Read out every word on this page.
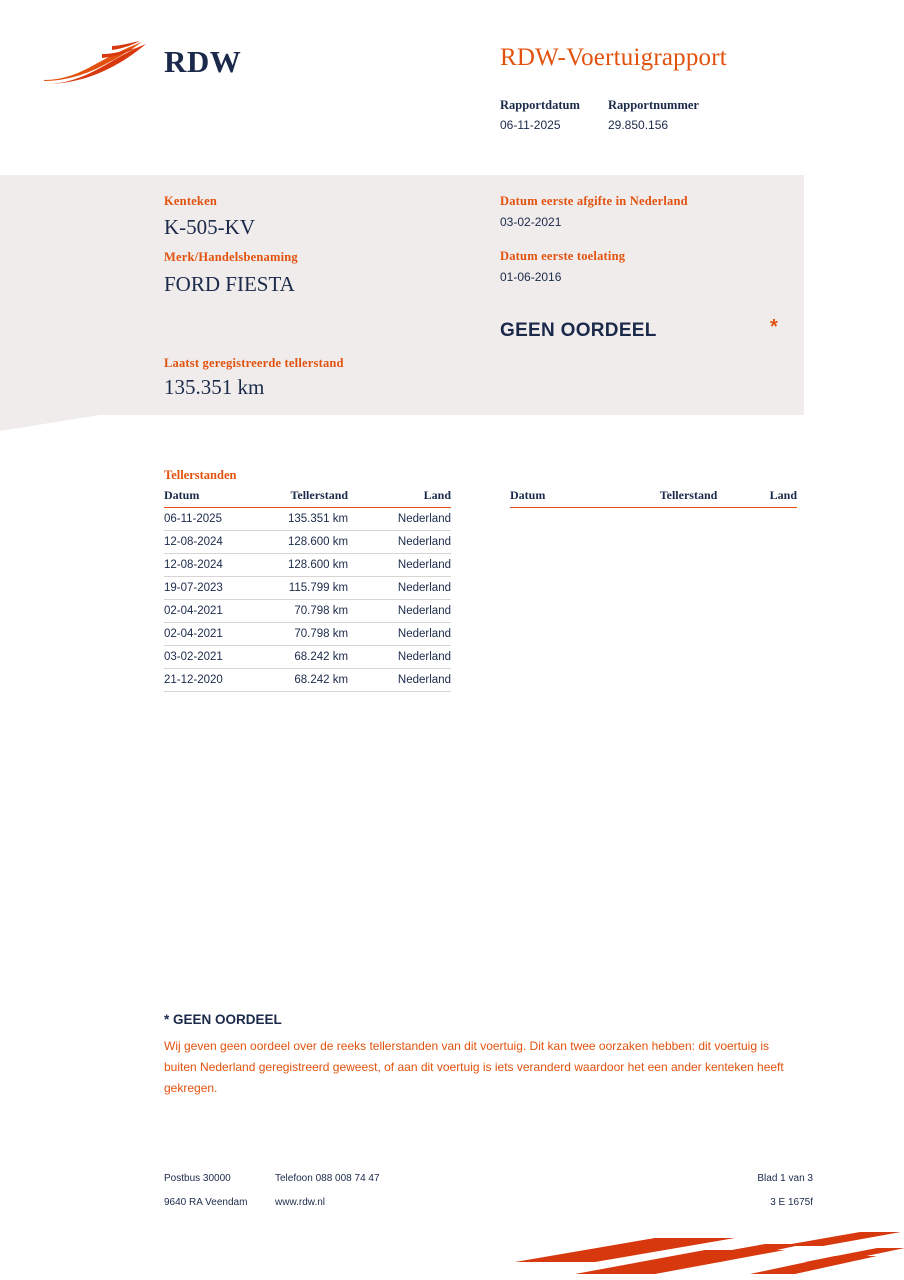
RDW	RDW-Voertuigrapport
Rapportdatum Rapportnummer
06-11-2025	29.850.156
Kenteken
K-505-KV
Merk/Handelsbenaming
FORD FIESTA
Laatst geregistreerde tellerstand
135.351 km
Datum eerste afgifte in Nederland
03-02-2021
Datum eerste toelating
01-06-2016
GEEN OORDEEL	*
Tellerstanden
Datum	Tellerstand	Land
06-11-2025	135.351 km	Nederland
12-08-2024	128.600 km	Nederland
12-08-2024	128.600 km	Nederland
19-07-2023	115.799 km	Nederland
02-04-2021	70.798 km	Nederland
02-04-2021	70.798 km	Nederland
03-02-2021	68.242 km	Nederland
21-12-2020	68.242 km	Nederland
Datum	Tellerstand	Land
* GEEN OORDEEL
Wij geven geen oordeel over de reeks tellerstanden van dit voertuig. Dit kan twee oorzaken hebben: dit voertuig is buiten Nederland geregistreerd geweest, of aan dit voertuig is iets veranderd waardoor het een ander kenteken heeft gekregen.
Postbus 30000	Telefoon 088 008 74 47
9640 RA Veendam	www.rdw.nl
Blad 1 van 3
3 E 1675f
